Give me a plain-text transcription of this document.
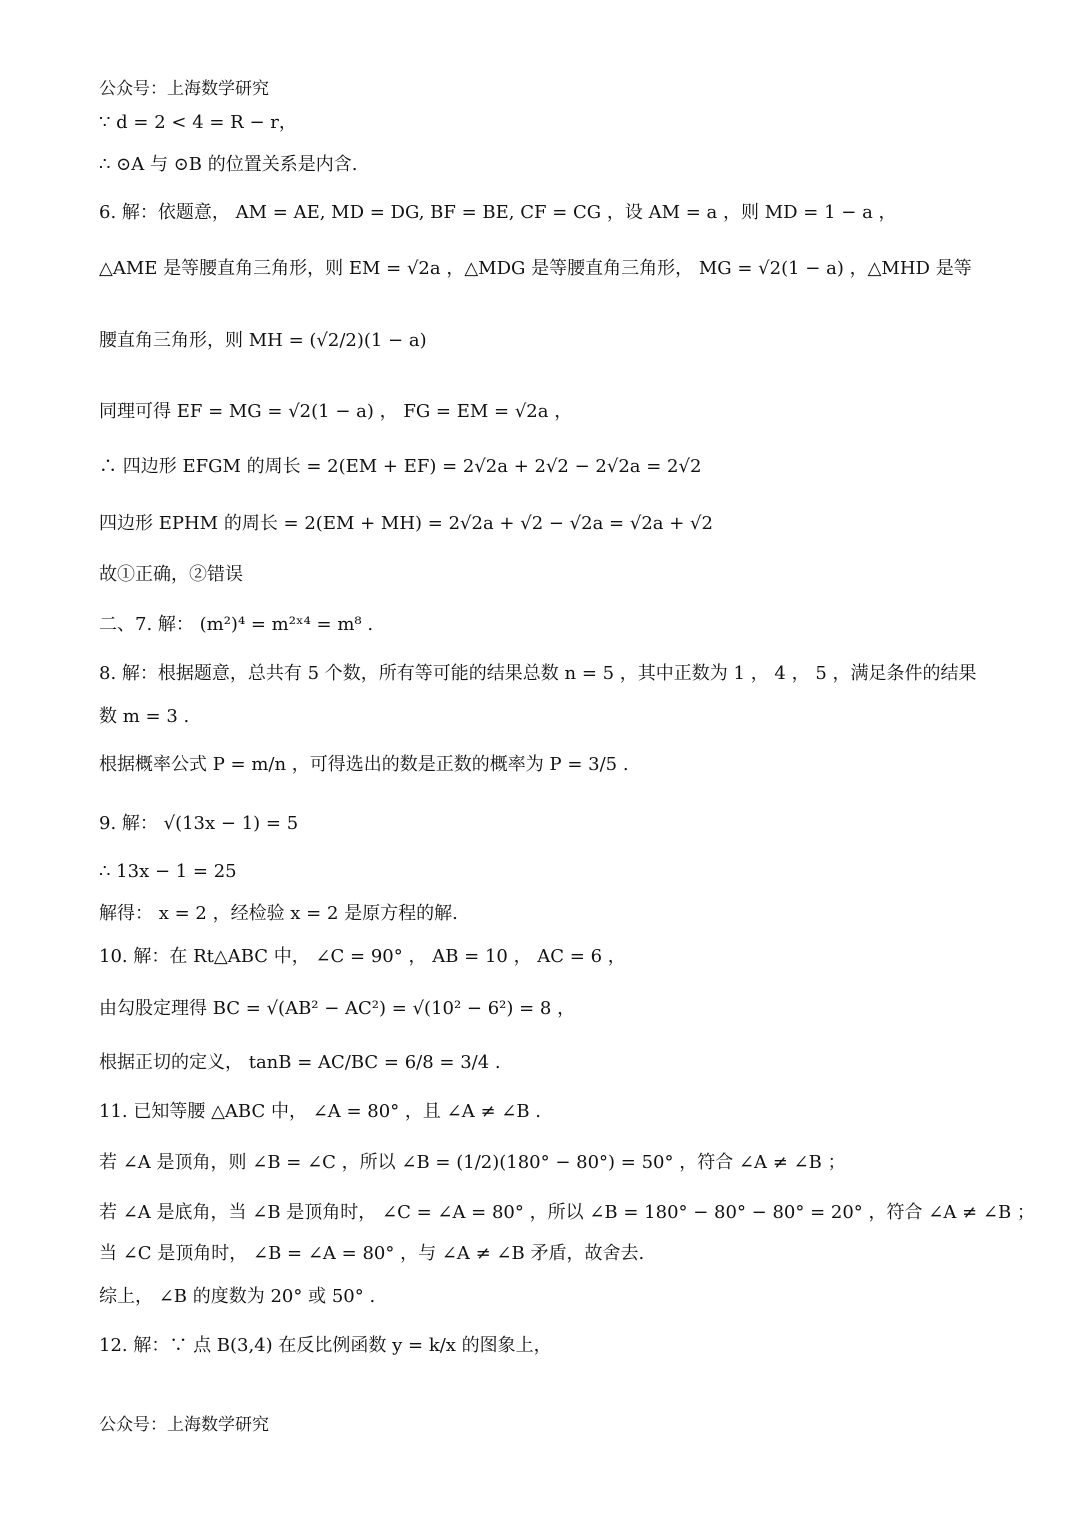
公众号：上海数学研究
∵ d = 2 < 4 = R − r，
∴ ⊙A 与 ⊙B 的位置关系是内含.
6. 解：依题意， AM = AE, MD = DG, BF = BE, CF = CG ，设 AM = a ，则 MD = 1 − a ，
△AME 是等腰直角三角形，则 EM = √2a ，△MDG 是等腰直角三角形， MG = √2(1 − a) ，△MHD 是等
腰直角三角形，则 MH = (√2/2)(1 − a)
同理可得 EF = MG = √2(1 − a) ， FG = EM = √2a ，
∴ 四边形 EFGM 的周长 = 2(EM + EF) = 2√2a + 2√2 − 2√2a = 2√2
四边形 EPHM 的周长 = 2(EM + MH) = 2√2a + √2 − √2a = √2a + √2
故①正确，②错误
二、7. 解： (m²)⁴ = m²ˣ⁴ = m⁸ .
8. 解：根据题意，总共有 5 个数，所有等可能的结果总数 n = 5 ，其中正数为 1 ， 4 ， 5 ，满足条件的结果
数 m = 3 .
根据概率公式 P = m/n ，可得选出的数是正数的概率为 P = 3/5 .
9. 解： √(13x − 1) = 5
∴ 13x − 1 = 25
解得： x = 2 ，经检验 x = 2 是原方程的解.
10. 解：在 Rt△ABC 中， ∠C = 90° ， AB = 10 ， AC = 6 ，
由勾股定理得 BC = √(AB² − AC²) = √(10² − 6²) = 8 ，
根据正切的定义， tanB = AC/BC = 6/8 = 3/4 .
11. 已知等腰 △ABC 中， ∠A = 80° ，且 ∠A ≠ ∠B .
若 ∠A 是顶角，则 ∠B = ∠C ，所以 ∠B = (1/2)(180° − 80°) = 50° ，符合 ∠A ≠ ∠B ；
若 ∠A 是底角，当 ∠B 是顶角时， ∠C = ∠A = 80° ，所以 ∠B = 180° − 80° − 80° = 20° ，符合 ∠A ≠ ∠B ；
当 ∠C 是顶角时， ∠B = ∠A = 80° ，与 ∠A ≠ ∠B 矛盾，故舍去.
综上， ∠B 的度数为 20° 或 50° .
12. 解：∵ 点 B(3,4) 在反比例函数 y = k/x 的图象上，
公众号：上海数学研究
